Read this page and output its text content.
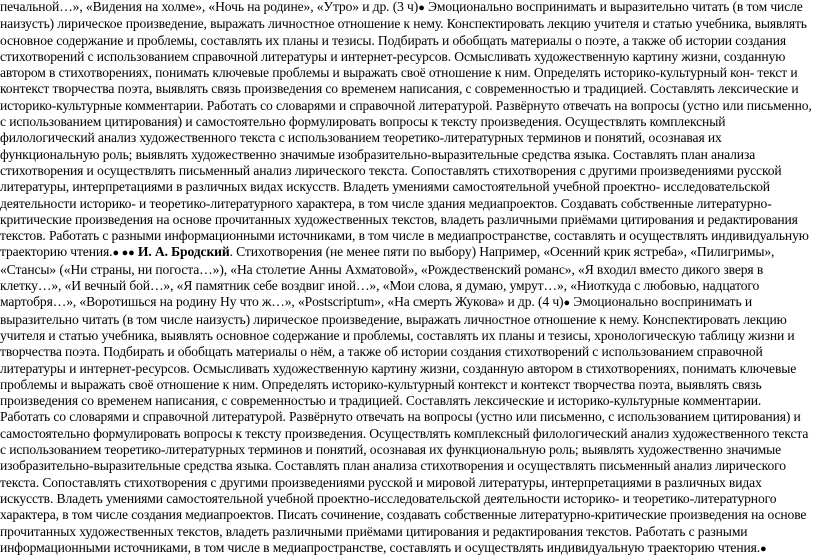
печальной…», «Видения на холме», «Ночь на родине», «Утро» и др. (3 ч)● Эмоционально воспринимать и выразительно читать (в том числе наизусть) лирическое произведение, выражать личностное отношение к нему. Конспектировать лекцию учителя и статью учебника, выявлять основное содержание и проблемы, составлять их планы и тезисы. Подбирать и обобщать материалы о поэте, а также об истории создания стихотворений с использованием справочной литературы и интернет-ресурсов. Осмысливать художественную картину жизни, созданную автором в стихотворениях, понимать ключевые проблемы и выражать своё отношение к ним. Определять историко-культурный кон- текст и контекст творчества поэта, выявлять связь произведения со временем написания, с современностью и традицией. Составлять лексические и историко-культурные комментарии. Работать со словарями и справочной литературой. Развёрнуто отвечать на вопросы (устно или письменно, с использованием цитирования) и самостоятельно формулировать вопросы к тексту произведения. Осуществлять комплексный филологический анализ художественного текста с использованием теоретико-литературных терминов и понятий, осознавая их функциональную роль; выявлять художественно значимые изобразительно-выразительные средства языка. Составлять план анализа стихотворения и осуществлять письменный анализ лирического текста. Сопоставлять стихотворения с другими произведениями русской литературы, интерпретациями в различных видах искусств. Владеть умениями самостоятельной учебной проектно- исследовательской деятельности историко- и теоретико-литературного характера, в том числе здания медиапроектов. Создавать собственные литературно-критические произведения на основе прочитанных художественных текстов, владеть различными приёмами цитирования и редактирования текстов. Работать с разными информационными источниками, в том числе в медиапространстве, составлять и осуществлять индивидуальную траекторию чтения.● ●● И. А. Бродский. Стихотворения (не менее пяти по выбору) Например, «Осенний крик ястреба», «Пилигримы», «Стансы» («Ни страны, ни погоста…»), «На столетие Анны Ахматовой», «Рождественский романс», «Я входил вместо дикого зверя в клетку…», «И вечный бой…», «Я памятник себе воздвиг иной…», «Мои слова, я думаю, умрут…», «Ниоткуда с любовью, надцатого мартобря…», «Воротишься на родину Ну что ж…», «Postscriptum», «На смерть Жукова» и др. (4 ч)● Эмоционально воспринимать и выразительно читать (в том числе наизусть) лирическое произведение, выражать личностное отношение к нему. Конспектировать лекцию учителя и статью учебника, выявлять основное содержание и проблемы, составлять их планы и тезисы, хронологическую таблицу жизни и творчества поэта. Подбирать и обобщать материалы о нём, а также об истории создания стихотворений с использованием справочной литературы и интернет-ресурсов. Осмысливать художественную картину жизни, созданную автором в стихотворениях, понимать ключевые проблемы и выражать своё отношение к ним. Определять историко-культурный контекст и контекст творчества поэта, выявлять связь произведения со временем написания, с современностью и традицией. Составлять лексические и историко-культурные комментарии. Работать со словарями и справочной литературой. Развёрнуто отвечать на вопросы (устно или письменно, с использованием цитирования) и самостоятельно формулировать вопросы к тексту произведения. Осуществлять комплексный филологический анализ художественного текста с использованием теоретико-литературных терминов и понятий, осознавая их функциональную роль; выявлять художественно значимые изобразительно-выразительные средства языка. Составлять план анализа стихотворения и осуществлять письменный анализ лирического текста. Сопоставлять стихотворения с другими произведениями русской и мировой литературы, интерпретациями в различных видах искусств. Владеть умениями самостоятельной учебной проектно-исследовательской деятельности историко- и теоретико-литературного характера, в том числе создания медиапроектов. Писать сочинение, создавать собственные литературно-критические произведения на основе прочитанных художественных текстов, владеть различными приёмами цитирования и редактирования текстов. Работать с разными информационными источниками, в том числе в медиапространстве, составлять и осуществлять индивидуальную траекторию чтения.●
